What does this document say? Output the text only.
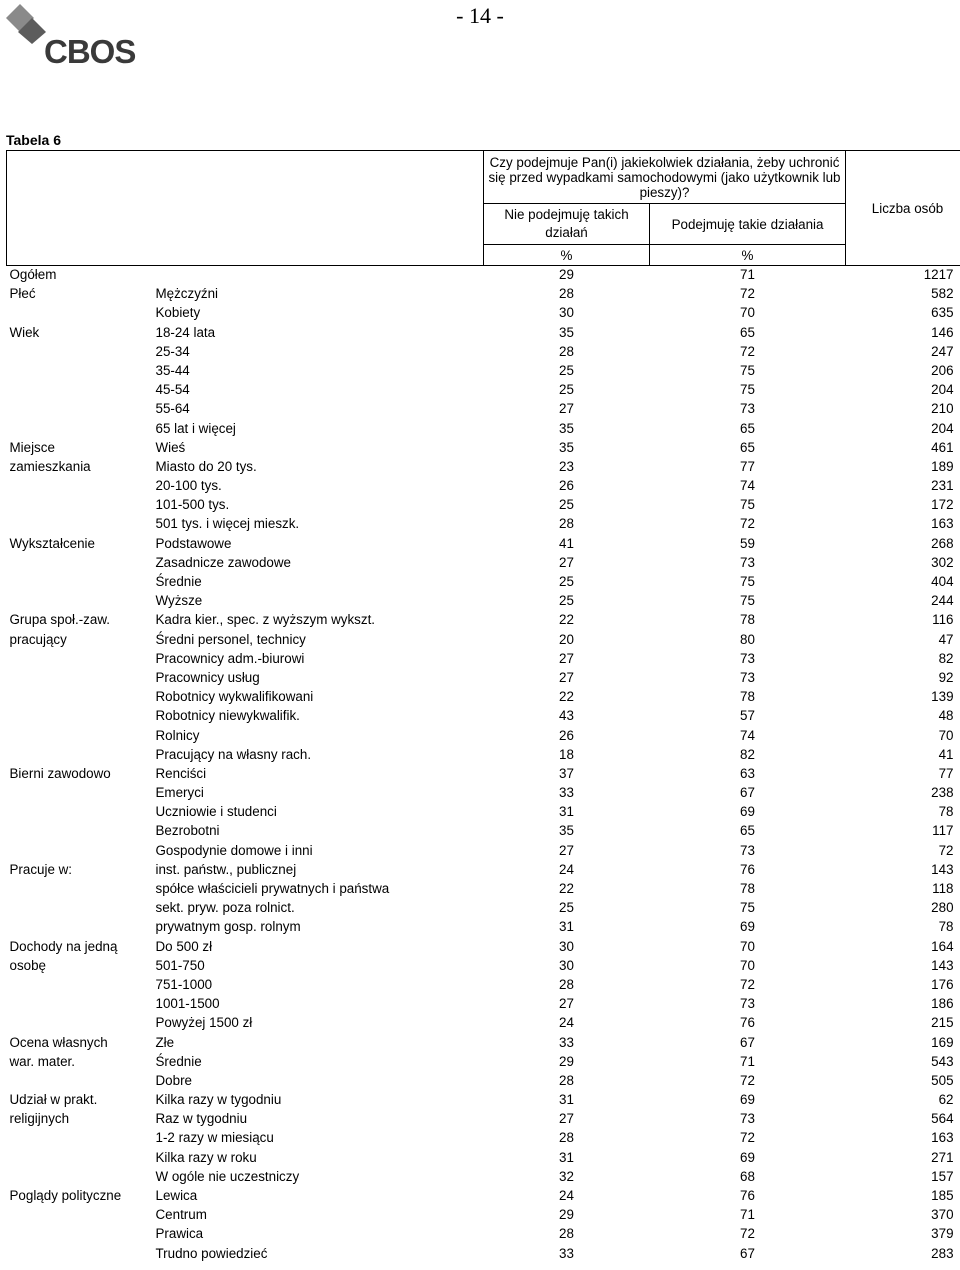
CBOS
- 14 -
Tabela 6
		Czy podejmuje Pan(i) jakiekolwiek działania, żeby uchronić się przed wypadkami samochodowymi (jako użytkownik lub pieszy)?		Liczba osób
		Nie podejmuję takich działań	Podejmuję takie działania	
		%	%	
Ogółem		29	71	1217
Płeć	Mężczyźni	28	72	582
	Kobiety	30	70	635
Wiek	18-24 lata	35	65	146
	25-34	28	72	247
	35-44	25	75	206
	45-54	25	75	204
	55-64	27	73	210
	65 lat i więcej	35	65	204
Miejsce	Wieś	35	65	461
zamieszkania	Miasto do 20 tys.	23	77	189
	20-100 tys.	26	74	231
	101-500 tys.	25	75	172
	501 tys. i więcej mieszk.	28	72	163
Wykształcenie	Podstawowe	41	59	268
	Zasadnicze zawodowe	27	73	302
	Średnie	25	75	404
	Wyższe	25	75	244
Grupa społ.-zaw.	Kadra kier., spec. z wyższym wykszt.	22	78	116
pracujący	Średni personel, technicy	20	80	47
	Pracownicy adm.-biurowi	27	73	82
	Pracownicy usług	27	73	92
	Robotnicy wykwalifikowani	22	78	139
	Robotnicy niewykwalifik.	43	57	48
	Rolnicy	26	74	70
	Pracujący na własny rach.	18	82	41
Bierni zawodowo	Renciści	37	63	77
	Emeryci	33	67	238
	Uczniowie i studenci	31	69	78
	Bezrobotni	35	65	117
	Gospodynie domowe i inni	27	73	72
Pracuje w:	inst. państw., publicznej	24	76	143
	spółce właścicieli prywatnych i państwa	22	78	118
	sekt. pryw. poza rolnict.	25	75	280
	prywatnym gosp. rolnym	31	69	78
Dochody na jedną	Do 500 zł	30	70	164
osobę	501-750	30	70	143
	751-1000	28	72	176
	1001-1500	27	73	186
	Powyżej 1500 zł	24	76	215
Ocena własnych	Złe	33	67	169
war. mater.	Średnie	29	71	543
	Dobre	28	72	505
Udział w prakt.	Kilka razy w tygodniu	31	69	62
religijnych	Raz w tygodniu	27	73	564
	1-2 razy w miesiącu	28	72	163
	Kilka razy w roku	31	69	271
	W ogóle nie uczestniczy	32	68	157
Poglądy polityczne	Lewica	24	76	185
	Centrum	29	71	370
	Prawica	28	72	379
	Trudno powiedzieć	33	67	283
